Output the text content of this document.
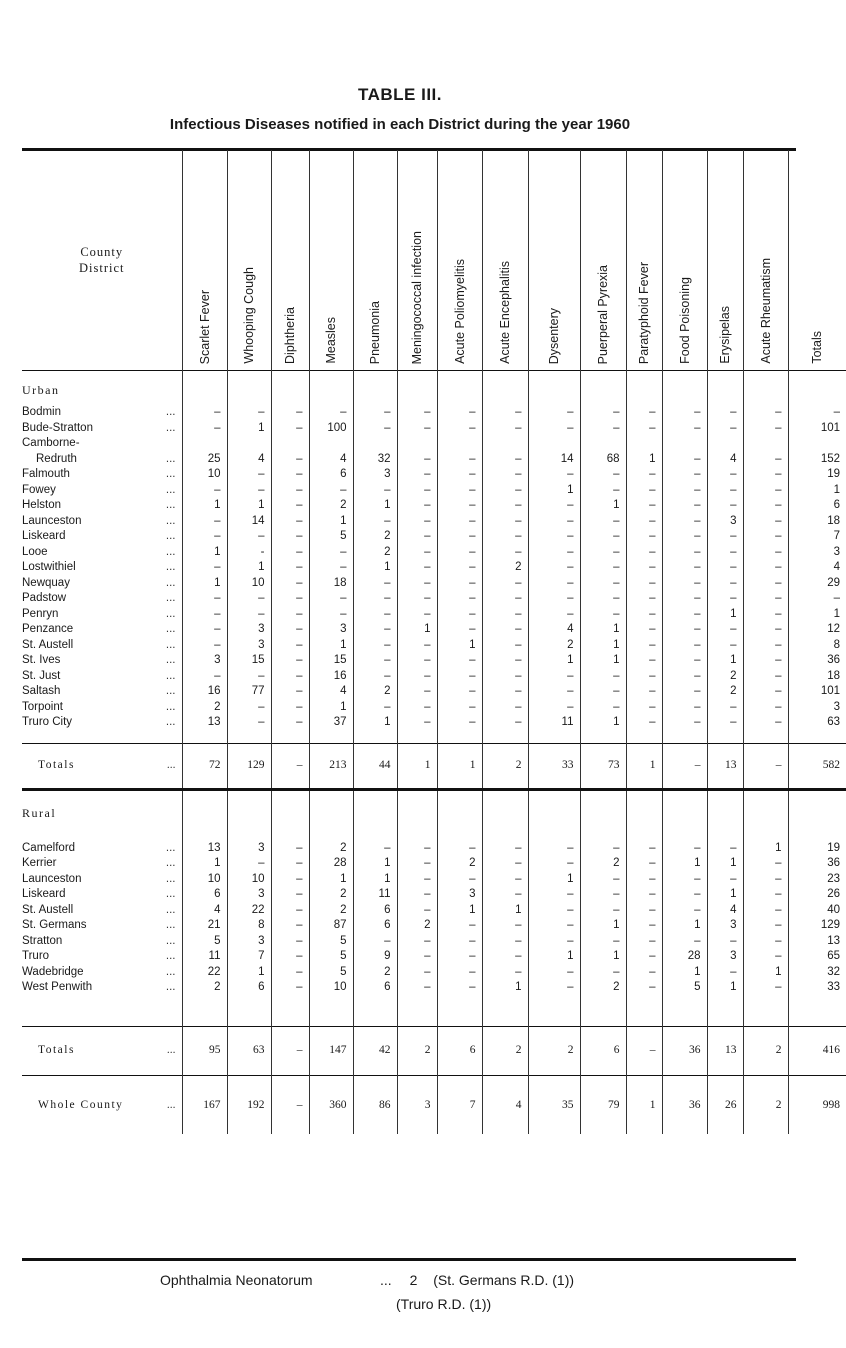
TABLE III.
Infectious Diseases notified in each District during the year 1960
County
District	Scarlet Fever	Whooping Cough	Diphtheria	Measles	Pneumonia	Meningococcal infection	Acute Poliomyelitis	Acute Encephalitis	Dysentery	Puerperal Pyrexia	Paratyphoid Fever	Food Poisoning	Erysipelas	Acute Rheumatism	Totals

Urban															

Bodmin ...	–	–	–	–	–	–	–	–	–	–	–	–	–	–	–
Bude-Stratton ...	–	1	–	100	–	–	–	–	–	–	–	–	–	–	101
Camborne-															
Redruth ...	25	4	–	4	32	–	–	–	14	68	1	–	4	–	152
Falmouth ...	10	–	–	6	3	–	–	–	–	–	–	–	–	–	19
Fowey ...	–	–	–	–	–	–	–	–	1	–	–	–	–	–	1
Helston ...	1	1	–	2	1	–	–	–	–	1	–	–	–	–	6
Launceston ...	–	14	–	1	–	–	–	–	–	–	–	–	3	–	18
Liskeard ...	–	–	–	5	2	–	–	–	–	–	–	–	–	–	7
Looe ...	1	-	–	–	2	–	–	–	–	–	–	–	–	–	3
Lostwithiel ...	–	1	–	–	1	–	–	2	–	–	–	–	–	–	4
Newquay ...	1	10	–	18	–	–	–	–	–	–	–	–	–	–	29
Padstow ...	–	–	–	–	–	–	–	–	–	–	–	–	–	–	–
Penryn ...	–	–	–	–	–	–	–	–	–	–	–	–	1	–	1
Penzance ...	–	3	–	3	–	1	–	–	4	1	–	–	–	–	12
St. Austell ...	–	3	–	1	–	–	1	–	2	1	–	–	–	–	8
St. Ives ...	3	15	–	15	–	–	–	–	1	1	–	–	1	–	36
St. Just ...	–	–	–	16	–	–	–	–	–	–	–	–	2	–	18
Saltash ...	16	77	–	4	2	–	–	–	–	–	–	–	2	–	101
Torpoint ...	2	–	–	1	–	–	–	–	–	–	–	–	–	–	3
Truro City ...	13	–	–	37	1	–	–	–	11	1	–	–	–	–	63

Totals ...	72	129	–	213	44	1	1	2	33	73	1	–	13	–	582

Rural															

Camelford ...	13	3	–	2	–	–	–	–	–	–	–	–	–	1	19
Kerrier ...	1	–	–	28	1	–	2	–	–	2	–	1	1	–	36
Launceston ...	10	10	–	1	1	–	–	–	1	–	–	–	–	–	23
Liskeard ...	6	3	–	2	11	–	3	–	–	–	–	–	1	–	26
St. Austell ...	4	22	–	2	6	–	1	1	–	–	–	–	4	–	40
St. Germans ...	21	8	–	87	6	2	–	–	–	1	–	1	3	–	129
Stratton ...	5	3	–	5	–	–	–	–	–	–	–	–	–	–	13
Truro ...	11	7	–	5	9	–	–	–	1	1	–	28	3	–	65
Wadebridge ...	22	1	–	5	2	–	–	–	–	–	–	1	–	1	32
West Penwith ...	2	6	–	10	6	–	–	1	–	2	–	5	1	–	33

Totals ...	95	63	–	147	42	2	6	2	2	6	–	36	13	2	416

Whole County ...	167	192	–	360	86	3	7	4	35	79	1	36	26	2	998

Ophthalmia Neonatorum	... 2 (St. Germans R.D. (1))
(Truro R.D. (1))
